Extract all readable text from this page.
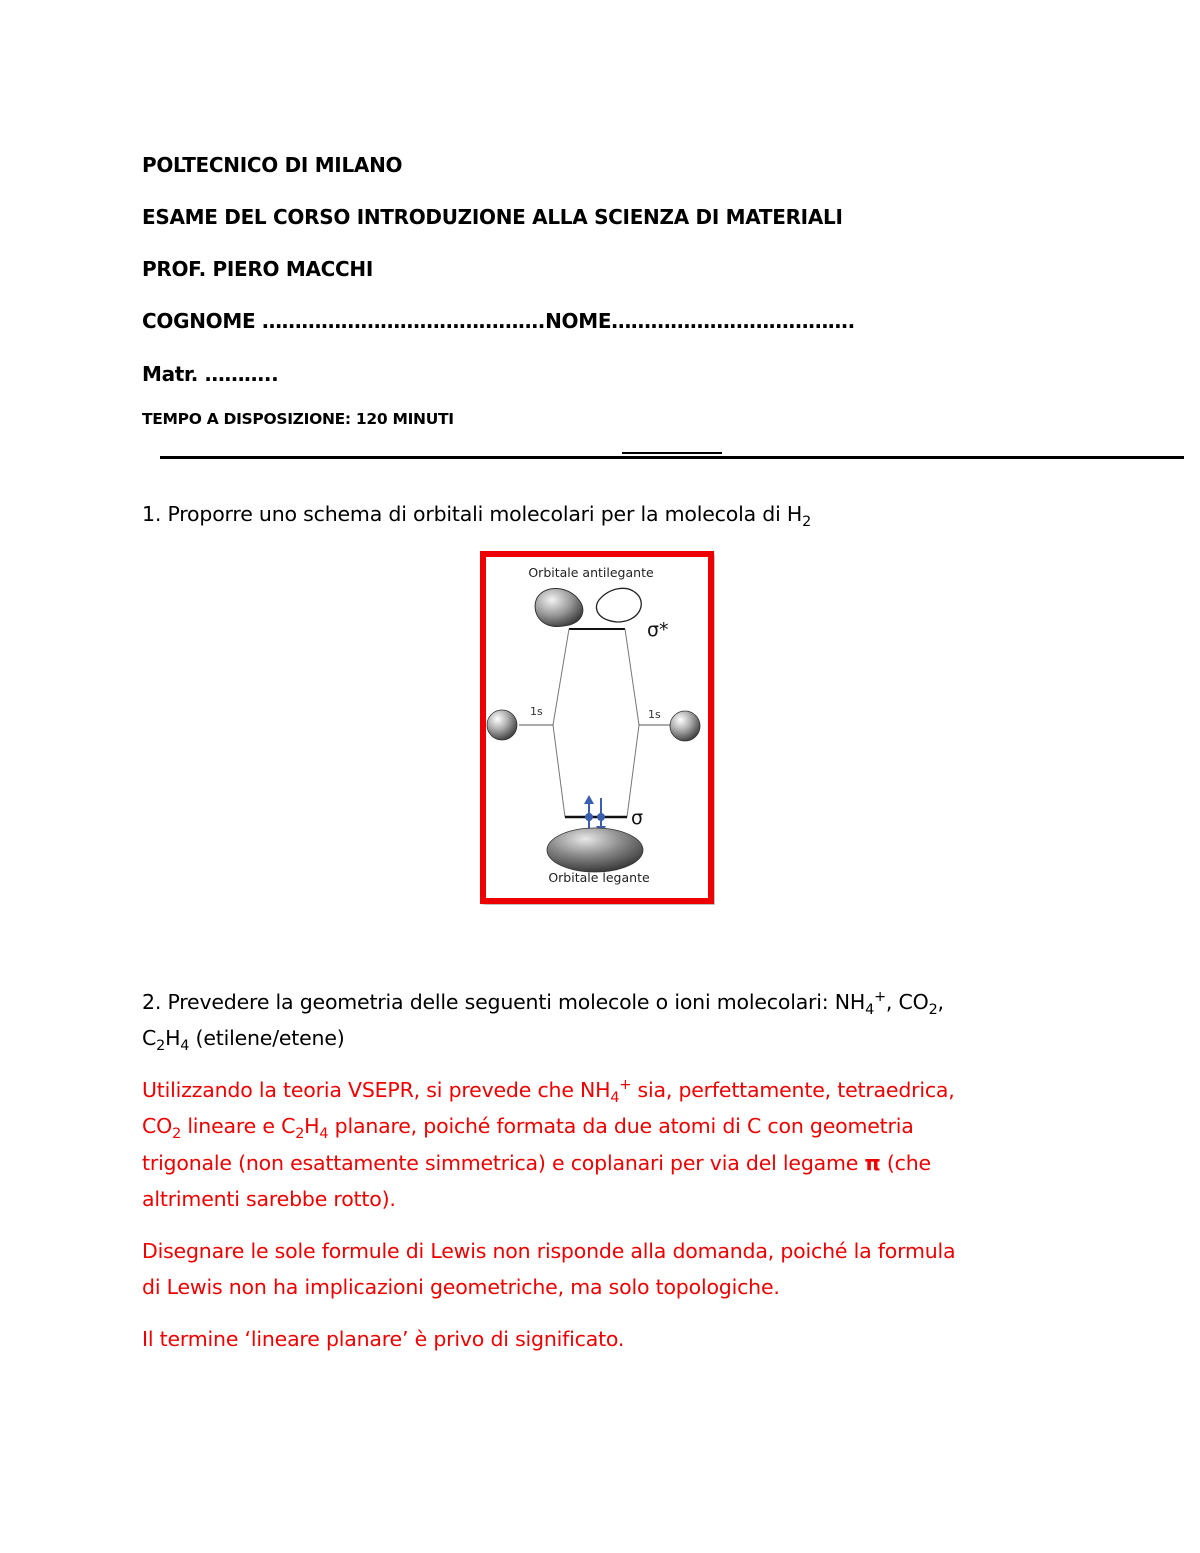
POLTECNICO DI MILANO
ESAME DEL CORSO INTRODUZIONE ALLA SCIENZA DI MATERIALI
PROF. PIERO MACCHI
COGNOME …………………………………….NOME……………………………….
Matr. ………..
TEMPO A DISPOSIZIONE: 120 MINUTI
1. Proporre uno schema di orbitali molecolari per la molecola di $H_2$
Orbitale antilegante
σ*
1s	1s
σ
Orbitale legante
2. Prevedere la geometria delle seguenti molecole o ioni molecolari: $NH_4^+$, $CO_2$,
$C_2H_4$ (etilene/etene)
Utilizzando la teoria VSEPR, si prevede che $NH_4^+$ sia, perfettamente, tetraedrica,
$CO_2$ lineare e $C_2H_4$ planare, poiché formata da due atomi di C con geometria
trigonale (non esattamente simmetrica) e coplanari per via del legame π (che
altrimenti sarebbe rotto).
Disegnare le sole formule di Lewis non risponde alla domanda, poiché la formula
di Lewis non ha implicazioni geometriche, ma solo topologiche.
Il termine ‘lineare planare’ è privo di significato.
